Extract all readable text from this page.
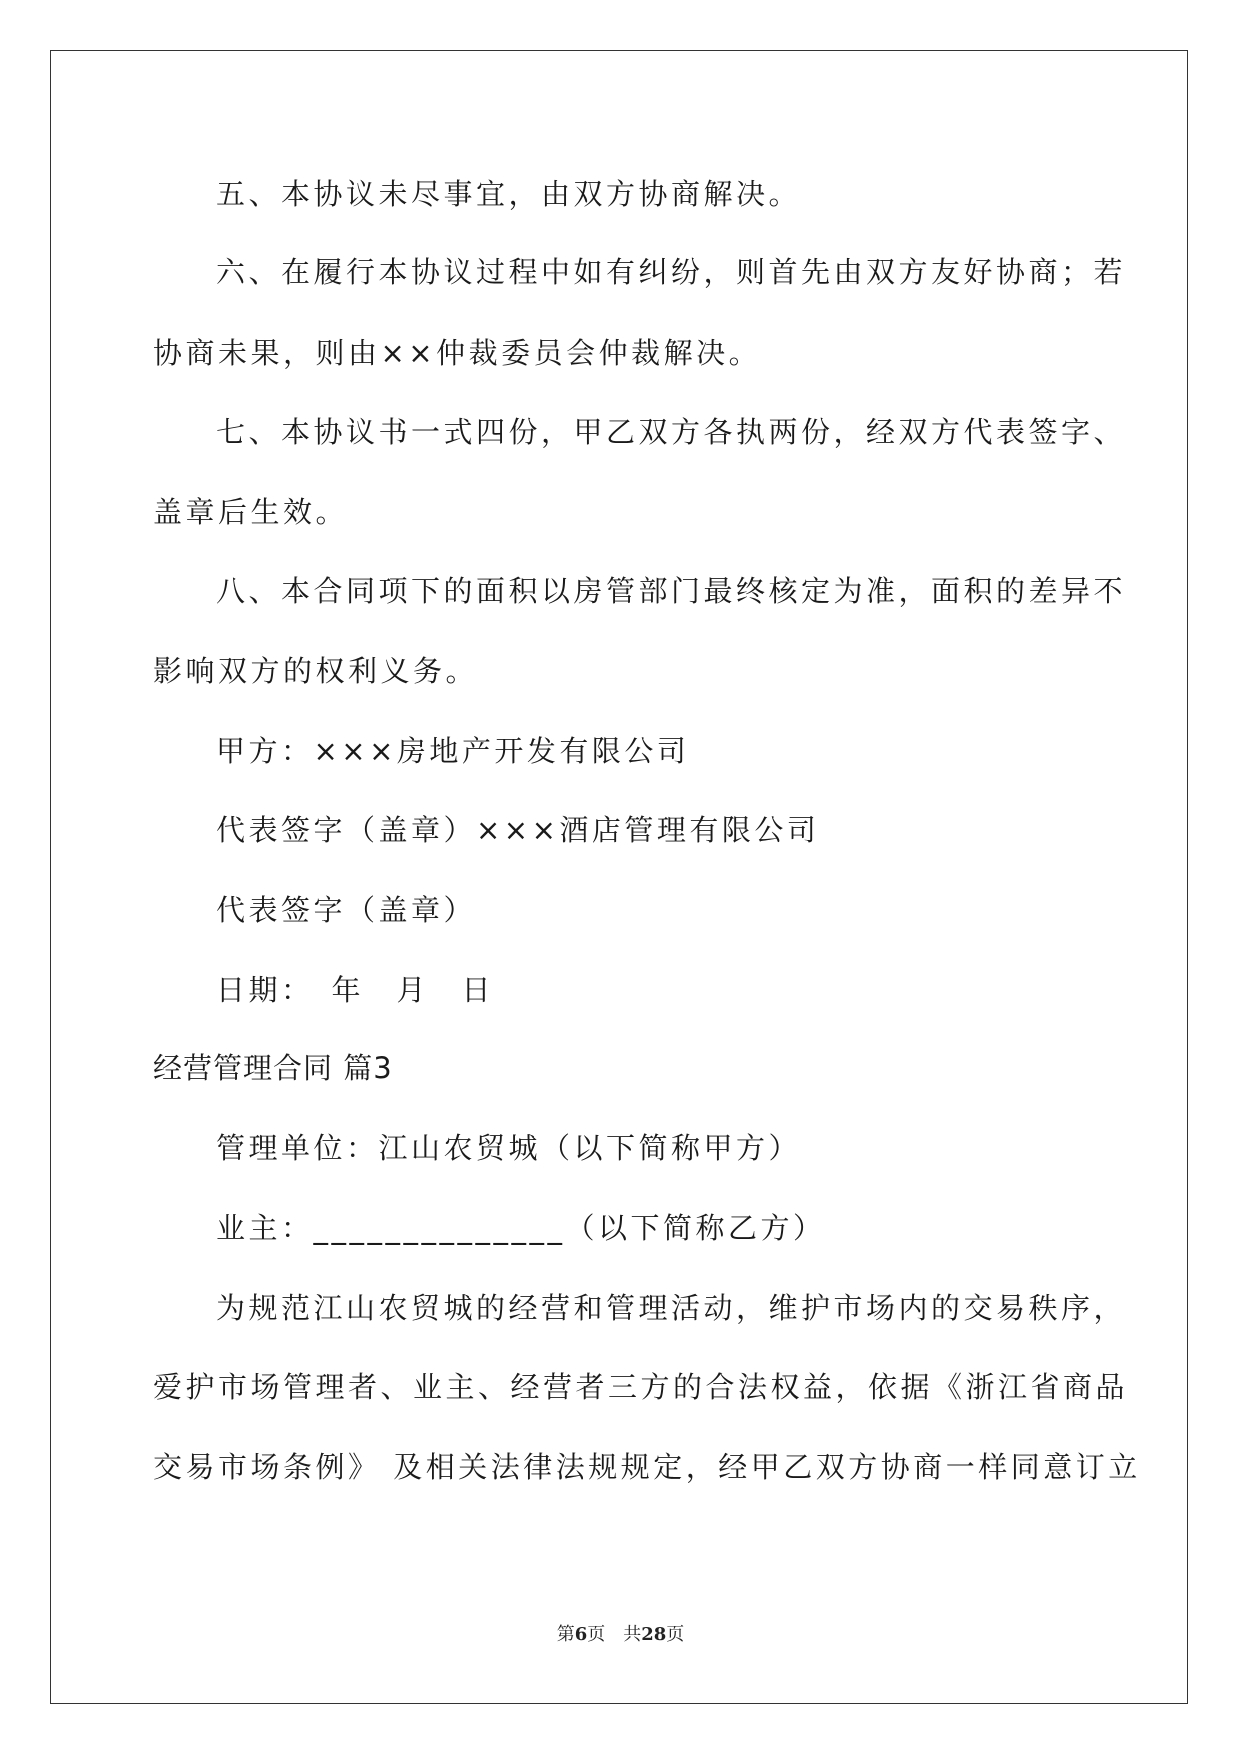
五、本协议未尽事宜，由双方协商解决。

六、在履行本协议过程中如有纠纷，则首先由双方友好协商；若

协商未果，则由××仲裁委员会仲裁解决。

七、本协议书一式四份，甲乙双方各执两份，经双方代表签字、

盖章后生效。

八、本合同项下的面积以房管部门最终核定为准，面积的差异不

影响双方的权利义务。

甲方：×××房地产开发有限公司

代表签字（盖章）×××酒店管理有限公司

代表签字（盖章）

日期：　年　月　日

经营管理合同 篇3

管理单位：江山农贸城（以下简称甲方）

业主：______________（以下简称乙方）

为规范江山农贸城的经营和管理活动，维护市场内的交易秩序，

爱护市场管理者、业主、经营者三方的合法权益，依据《浙江省商品

交易市场条例》 及相关法律法规规定，经甲乙双方协商一样同意订立

第6页  共28页
